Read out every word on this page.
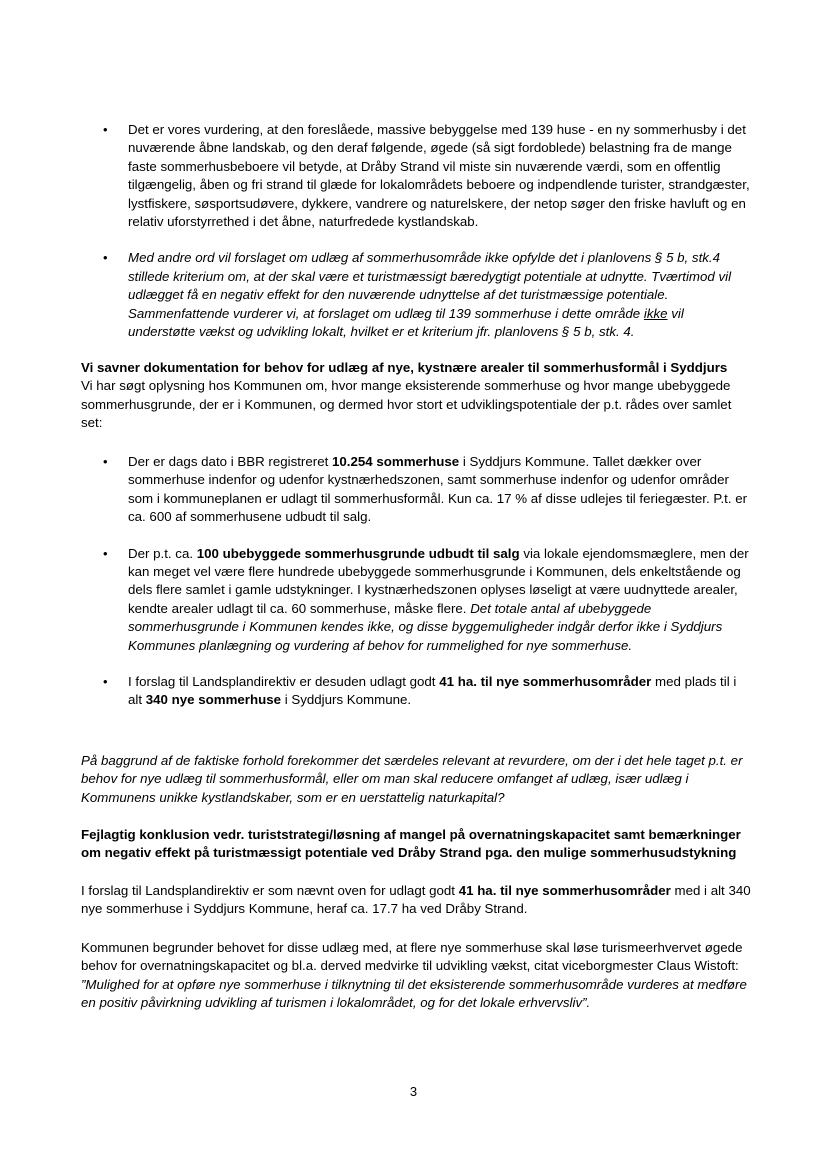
• Det er vores vurdering, at den foreslåede, massive bebyggelse med 139 huse - en ny sommerhusby i det nuværende åbne landskab, og den deraf følgende, øgede (så sigt fordoblede) belastning fra de mange faste sommerhusbeboere vil betyde, at Dråby Strand vil miste sin nuværende værdi, som en offentlig tilgængelig, åben og fri strand til glæde for lokalområdets beboere og indpendlende turister, strandgæster, lystfiskere, søsportsudøvere, dykkere, vandrere og naturelskere, der netop søger den friske havluft og en relativ uforstyrrethed i det åbne, naturfredede kystlandskab.
• Med andre ord vil forslaget om udlæg af sommerhusområde ikke opfylde det i planlovens § 5 b, stk.4 stillede kriterium om, at der skal være et turistmæssigt bæredygtigt potentiale at udnytte. Tværtimod vil udlægget få en negativ effekt for den nuværende udnyttelse af det turistmæssige potentiale. Sammenfattende vurderer vi, at forslaget om udlæg til 139 sommerhuse i dette område ikke vil understøtte vækst og udvikling lokalt, hvilket er et kriterium jfr. planlovens § 5 b, stk. 4.

Vi savner dokumentation for behov for udlæg af nye, kystnære arealer til sommerhusformål i Syddjurs

Vi har søgt oplysning hos Kommunen om, hvor mange eksisterende sommerhuse og hvor mange ubebyggede sommerhusgrunde, der er i Kommunen, og dermed hvor stort et udviklingspotentiale der p.t. rådes over samlet set:

• Der er dags dato i BBR registreret 10.254 sommerhuse i Syddjurs Kommune. Tallet dækker over sommerhuse indenfor og udenfor kystnærhedszonen, samt sommerhuse indenfor og udenfor områder som i kommuneplanen er udlagt til sommerhusformål. Kun ca. 17 % af disse udlejes til feriegæster. P.t. er ca. 600 af sommerhusene udbudt til salg.
• Der p.t. ca. 100 ubebyggede sommerhusgrunde udbudt til salg via lokale ejendomsmæglere, men der kan meget vel være flere hundrede ubebyggede sommerhusgrunde i Kommunen, dels enkeltstående og dels flere samlet i gamle udstykninger. I kystnærhedszonen oplyses løseligt at være uudnyttede arealer, kendte arealer udlagt til ca. 60 sommerhuse, måske flere. Det totale antal af ubebyggede sommerhusgrunde i Kommunen kendes ikke, og disse byggemuligheder indgår derfor ikke i Syddjurs Kommunes planlægning og vurdering af behov for rummelighed for nye sommerhuse.
• I forslag til Landsplandirektiv er desuden udlagt godt 41 ha. til nye sommerhusområder med plads til i alt 340 nye sommerhuse i Syddjurs Kommune.

På baggrund af de faktiske forhold forekommer det særdeles relevant at revurdere, om der i det hele taget p.t. er behov for nye udlæg til sommerhusformål, eller om man skal reducere omfanget af udlæg, især udlæg i Kommunens unikke kystlandskaber, som er en uerstattelig naturkapital?

Fejlagtig konklusion vedr. turiststrategi/løsning af mangel på overnatningskapacitet samt bemærkninger om negativ effekt på turistmæssigt potentiale ved Dråby Strand pga. den mulige sommerhusudstykning

I forslag til Landsplandirektiv er som nævnt oven for udlagt godt 41 ha. til nye sommerhusområder med i alt 340 nye sommerhuse i Syddjurs Kommune, heraf ca. 17.7 ha ved Dråby Strand.

Kommunen begrunder behovet for disse udlæg med, at flere nye sommerhuse skal løse turismeerhvervet øgede behov for overnatningskapacitet og bl.a. derved medvirke til udvikling vækst, citat viceborgmester Claus Wistoft: ”Mulighed for at opføre nye sommerhuse i tilknytning til det eksisterende sommerhusområde vurderes at medføre en positiv påvirkning udvikling af turismen i lokalområdet, og for det lokale erhvervsliv”.

3
